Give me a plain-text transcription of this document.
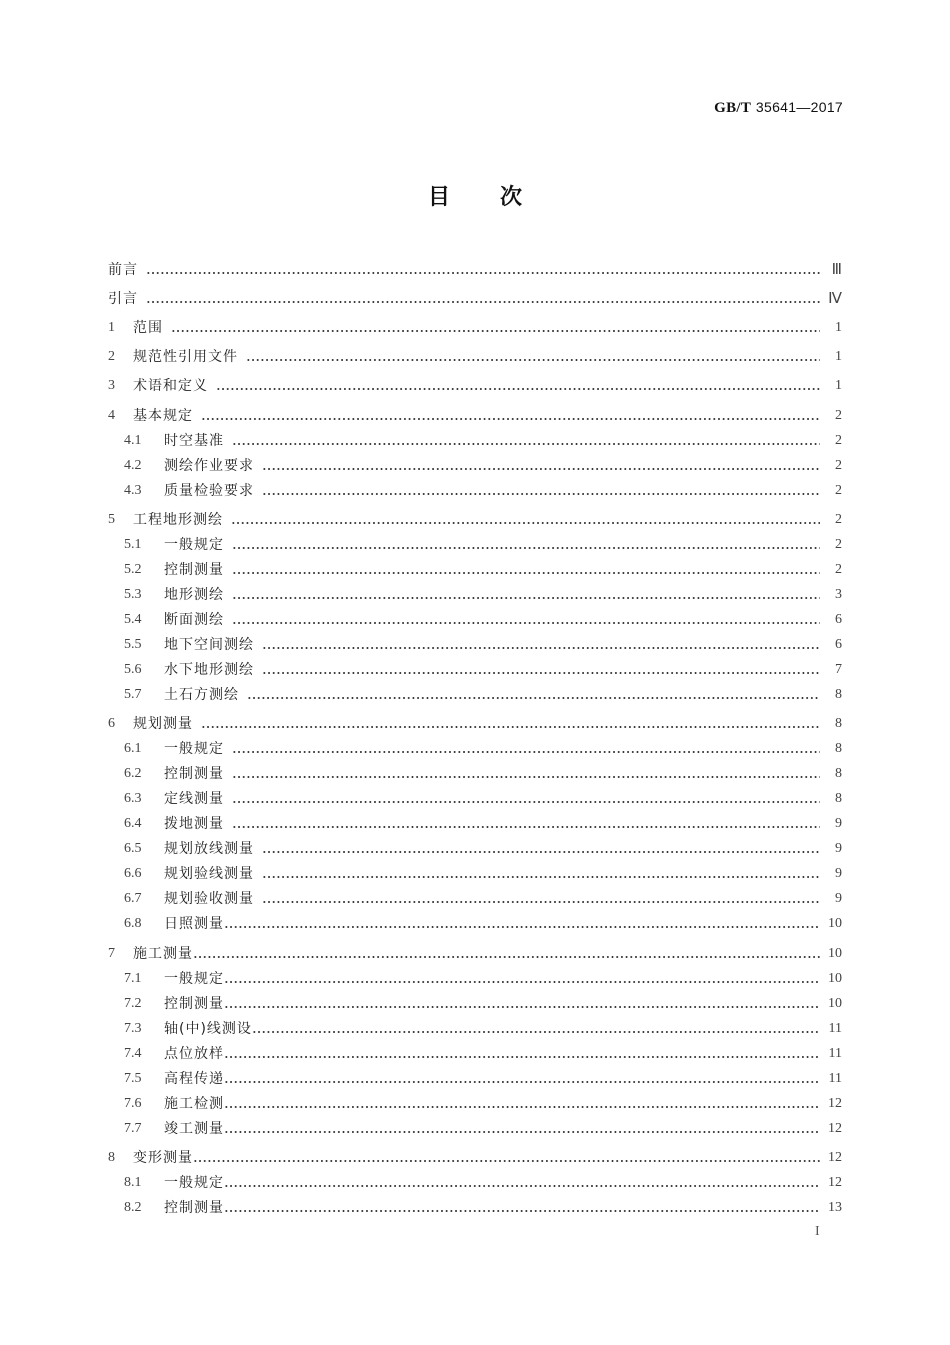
GB/T 35641—2017
目 次
前言	Ⅲ
引言	Ⅳ
1	范围	1
2	规范性引用文件	1
3	术语和定义	1
4	基本规定	2
4.1	时空基准	2
4.2	测绘作业要求	2
4.3	质量检验要求	2
5	工程地形测绘	2
5.1	一般规定	2
5.2	控制测量	2
5.3	地形测绘	3
5.4	断面测绘	6
5.5	地下空间测绘	6
5.6	水下地形测绘	7
5.7	土石方测绘	8
6	规划测量	8
6.1	一般规定	8
6.2	控制测量	8
6.3	定线测量	8
6.4	拨地测量	9
6.5	规划放线测量	9
6.6	规划验线测量	9
6.7	规划验收测量	9
6.8	日照测量	10
7	施工测量	10
7.1	一般规定	10
7.2	控制测量	10
7.3	轴(中)线测设	11
7.4	点位放样	11
7.5	高程传递	11
7.6	施工检测	12
7.7	竣工测量	12
8	变形测量	12
8.1	一般规定	12
8.2	控制测量	13
I
